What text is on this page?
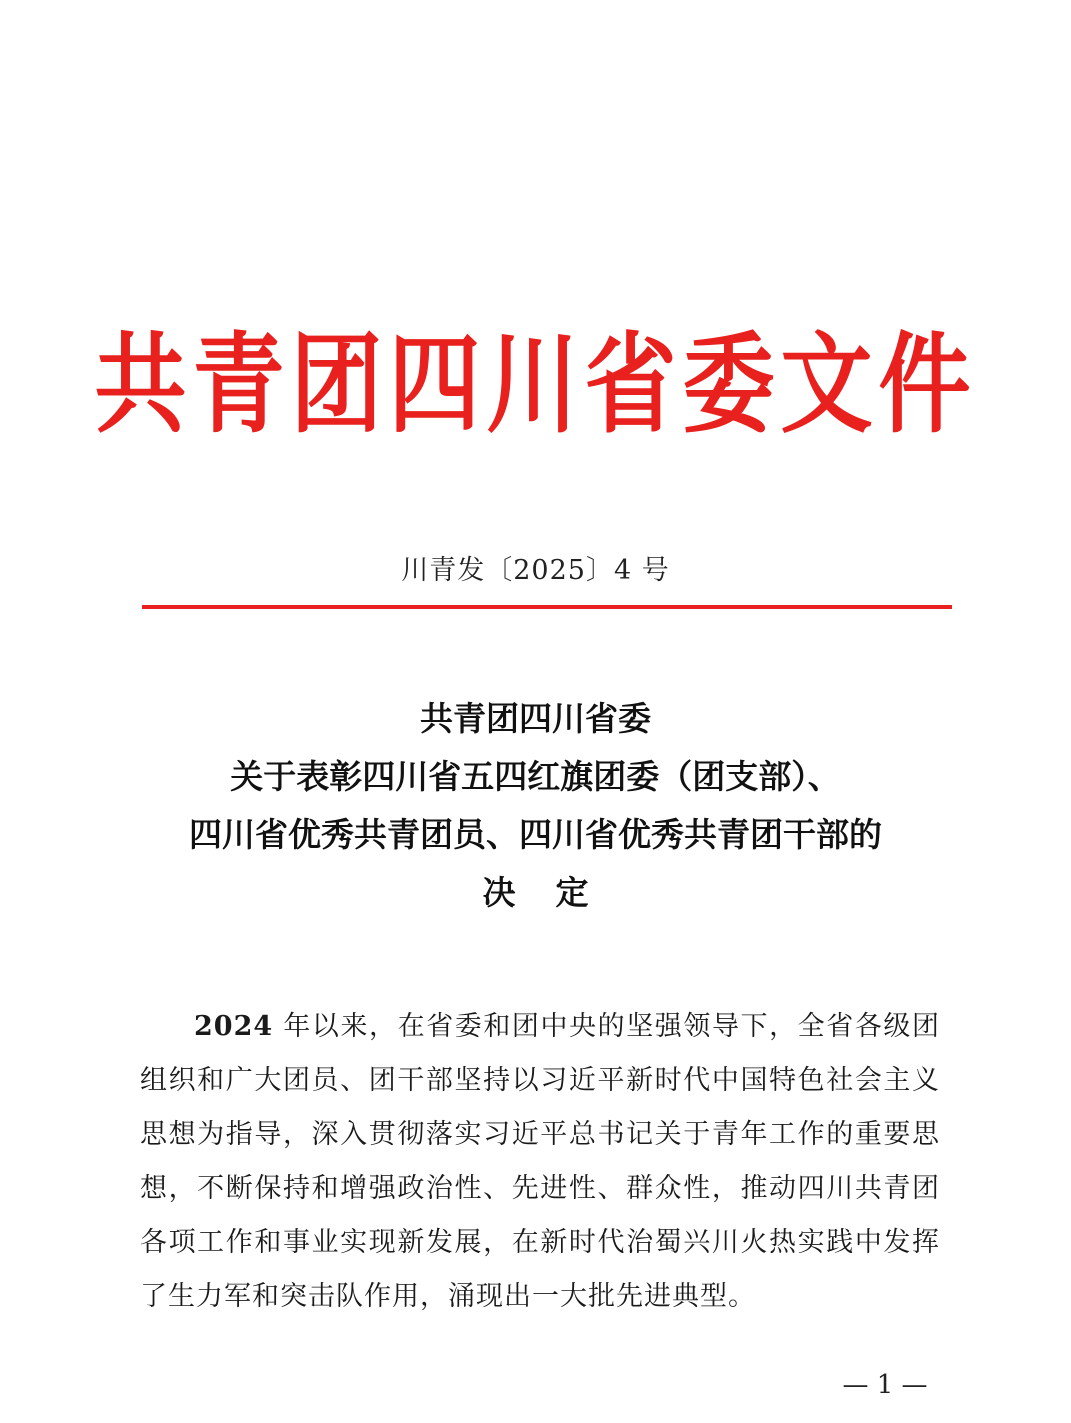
共青团四川省委文件
川青发〔2025〕4 号
共青团四川省委
关于表彰四川省五四红旗团委（团支部）、
四川省优秀共青团员、四川省优秀共青团干部的
决定
2024 年以来，在省委和团中央的坚强领导下，全省各级团组织和广大团员、团干部坚持以习近平新时代中国特色社会主义思想为指导，深入贯彻落实习近平总书记关于青年工作的重要思想，不断保持和增强政治性、先进性、群众性，推动四川共青团各项工作和事业实现新发展，在新时代治蜀兴川火热实践中发挥了生力军和突击队作用，涌现出一大批先进典型。
— 1 —
